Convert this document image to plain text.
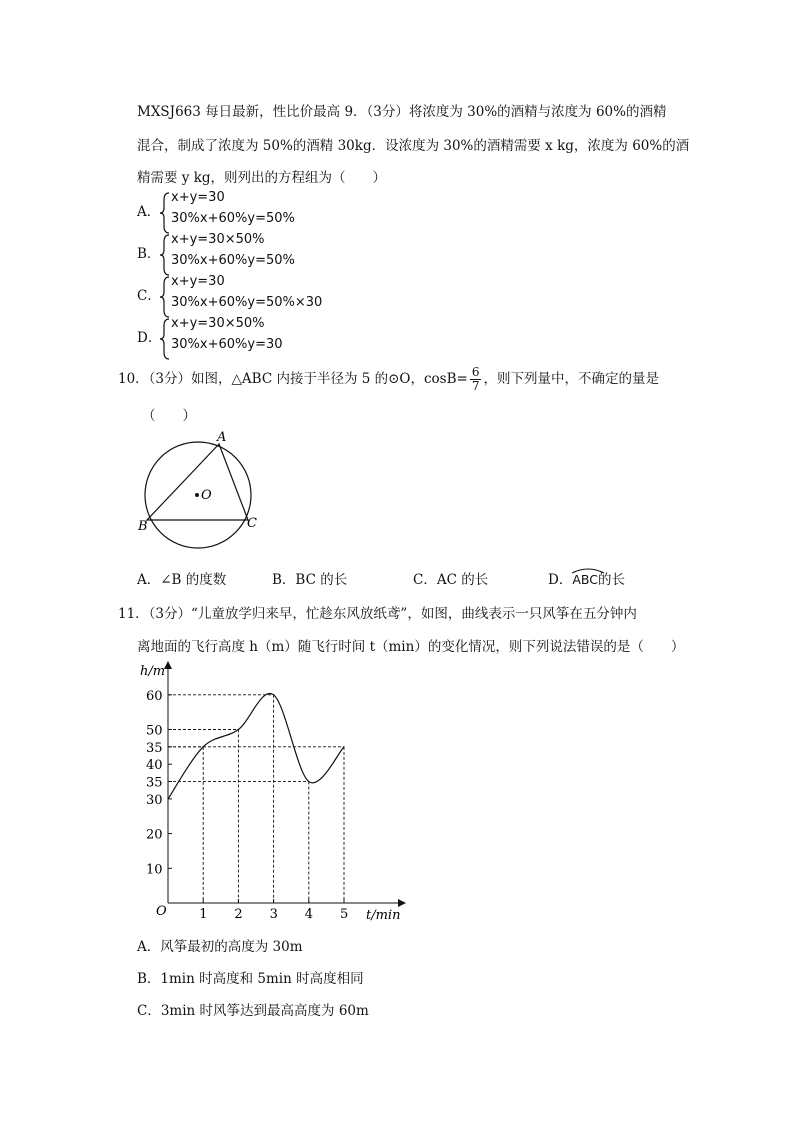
MXSJ663 每日最新，性比价最高 9．（3分）将浓度为 30%的酒精与浓度为 60%的酒精
混合，制成了浓度为 50%的酒精 30kg．设浓度为 30%的酒精需要 x kg，浓度为 60%的酒
精需要 y kg，则列出的方程组为（　　）
A．
x+y=30
30%x+60%y=50%
B．
x+y=30×50%
30%x+60%y=50%
C．
x+y=30
30%x+60%y=50%×30
D．
x+y=30×50%
30%x+60%y=30
10．（3分）如图，△ABC 内接于半径为 5 的⊙O，$\cos B= \frac{6}{7}$ ，则下列量中，不确定的量是
（　　）
A
B	C
O
A．∠B 的度数	B．BC 的长	C．AC 的长	D．
ABC的长
11．（3分）“儿童放学归来早，忙趁东风放纸鸢”，如图，曲线表示一只风筝在五分钟内
离地面的飞行高度 h（m）随飞行时间 t（min）的变化情况，则下列说法错误的是（　　）
1 2 3 4 5
10
20
30
35
40
35
50
60
h/m
t/min
O
A．风筝最初的高度为 30m
B．1min 时高度和 5min 时高度相同
C．3min 时风筝达到最高高度为 60m
